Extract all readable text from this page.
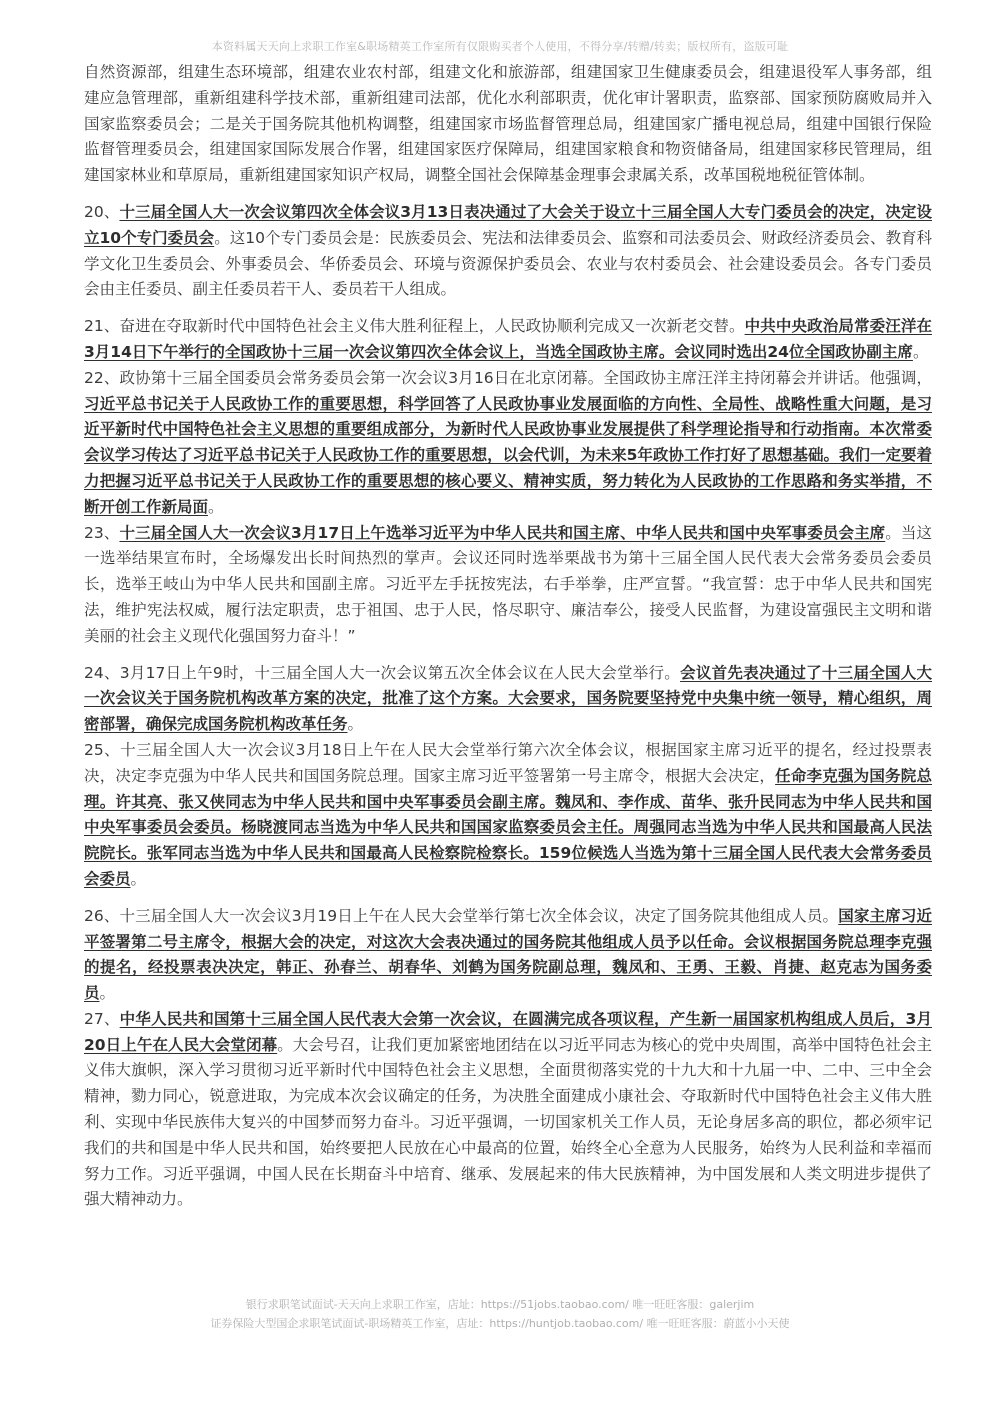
本资料属天天向上求职工作室&职场精英工作室所有仅限购买者个人使用，不得分享/转赠/转卖；版权所有，盗版可耻

自然资源部，组建生态环境部，组建农业农村部，组建文化和旅游部，组建国家卫生健康委员会，组建退役军人事务部，组建应急管理部，重新组建科学技术部，重新组建司法部，优化水利部职责，优化审计署职责，监察部、国家预防腐败局并入国家监察委员会；二是关于国务院其他机构调整，组建国家市场监督管理总局，组建国家广播电视总局，组建中国银行保险监督管理委员会，组建国家国际发展合作署，组建国家医疗保障局，组建国家粮食和物资储备局，组建国家移民管理局，组建国家林业和草原局，重新组建国家知识产权局，调整全国社会保障基金理事会隶属关系，改革国税地税征管体制。

20、十三届全国人大一次会议第四次全体会议3月13日表决通过了大会关于设立十三届全国人大专门委员会的决定，决定设立10个专门委员会。这10个专门委员会是：民族委员会、宪法和法律委员会、监察和司法委员会、财政经济委员会、教育科学文化卫生委员会、外事委员会、华侨委员会、环境与资源保护委员会、农业与农村委员会、社会建设委员会。各专门委员会由主任委员、副主任委员若干人、委员若干人组成。

21、奋进在夺取新时代中国特色社会主义伟大胜利征程上，人民政协顺利完成又一次新老交替。中共中央政治局常委汪洋在3月14日下午举行的全国政协十三届一次会议第四次全体会议上，当选全国政协主席。会议同时选出24位全国政协副主席。

22、政协第十三届全国委员会常务委员会第一次会议3月16日在北京闭幕。全国政协主席汪洋主持闭幕会并讲话。他强调，习近平总书记关于人民政协工作的重要思想，科学回答了人民政协事业发展面临的方向性、全局性、战略性重大问题，是习近平新时代中国特色社会主义思想的重要组成部分，为新时代人民政协事业发展提供了科学理论指导和行动指南。本次常委会议学习传达了习近平总书记关于人民政协工作的重要思想，以会代训，为未来5年政协工作打好了思想基础。我们一定要着力把握习近平总书记关于人民政协工作的重要思想的核心要义、精神实质，努力转化为人民政协的工作思路和务实举措，不断开创工作新局面。

23、十三届全国人大一次会议3月17日上午选举习近平为中华人民共和国主席、中华人民共和国中央军事委员会主席。当这一选举结果宣布时，全场爆发出长时间热烈的掌声。会议还同时选举栗战书为第十三届全国人民代表大会常务委员会委员长，选举王岐山为中华人民共和国副主席。习近平左手抚按宪法，右手举拳，庄严宣誓。“我宣誓：忠于中华人民共和国宪法，维护宪法权威，履行法定职责，忠于祖国、忠于人民，恪尽职守、廉洁奉公，接受人民监督，为建设富强民主文明和谐美丽的社会主义现代化强国努力奋斗！”

24、3月17日上午9时，十三届全国人大一次会议第五次全体会议在人民大会堂举行。会议首先表决通过了十三届全国人大一次会议关于国务院机构改革方案的决定，批准了这个方案。大会要求，国务院要坚持党中央集中统一领导，精心组织，周密部署，确保完成国务院机构改革任务。

25、十三届全国人大一次会议3月18日上午在人民大会堂举行第六次全体会议，根据国家主席习近平的提名，经过投票表决，决定李克强为中华人民共和国国务院总理。国家主席习近平签署第一号主席令，根据大会决定，任命李克强为国务院总理。许其亮、张又侠同志为中华人民共和国中央军事委员会副主席。魏凤和、李作成、苗华、张升民同志为中华人民共和国中央军事委员会委员。杨晓渡同志当选为中华人民共和国国家监察委员会主任。周强同志当选为中华人民共和国最高人民法院院长。张军同志当选为中华人民共和国最高人民检察院检察长。159位候选人当选为第十三届全国人民代表大会常务委员会委员。

26、十三届全国人大一次会议3月19日上午在人民大会堂举行第七次全体会议，决定了国务院其他组成人员。国家主席习近平签署第二号主席令，根据大会的决定，对这次大会表决通过的国务院其他组成人员予以任命。会议根据国务院总理李克强的提名，经投票表决决定，韩正、孙春兰、胡春华、刘鹤为国务院副总理，魏凤和、王勇、王毅、肖捷、赵克志为国务委员。

27、中华人民共和国第十三届全国人民代表大会第一次会议，在圆满完成各项议程，产生新一届国家机构组成人员后，3月20日上午在人民大会堂闭幕。大会号召，让我们更加紧密地团结在以习近平同志为核心的党中央周围，高举中国特色社会主义伟大旗帜，深入学习贯彻习近平新时代中国特色社会主义思想，全面贯彻落实党的十九大和十九届一中、二中、三中全会精神，勠力同心，锐意进取，为完成本次会议确定的任务，为决胜全面建成小康社会、夺取新时代中国特色社会主义伟大胜利、实现中华民族伟大复兴的中国梦而努力奋斗。习近平强调，一切国家机关工作人员，无论身居多高的职位，都必须牢记我们的共和国是中华人民共和国，始终要把人民放在心中最高的位置，始终全心全意为人民服务，始终为人民利益和幸福而努力工作。习近平强调，中国人民在长期奋斗中培育、继承、发展起来的伟大民族精神，为中国发展和人类文明进步提供了强大精神动力。

银行求职笔试面试-天天向上求职工作室，店址：https://51jobs.taobao.com/ 唯一旺旺客服：galerjim
证券保险大型国企求职笔试面试-职场精英工作室，店址：https://huntjob.taobao.com/ 唯一旺旺客服：蔚蓝小小天使
